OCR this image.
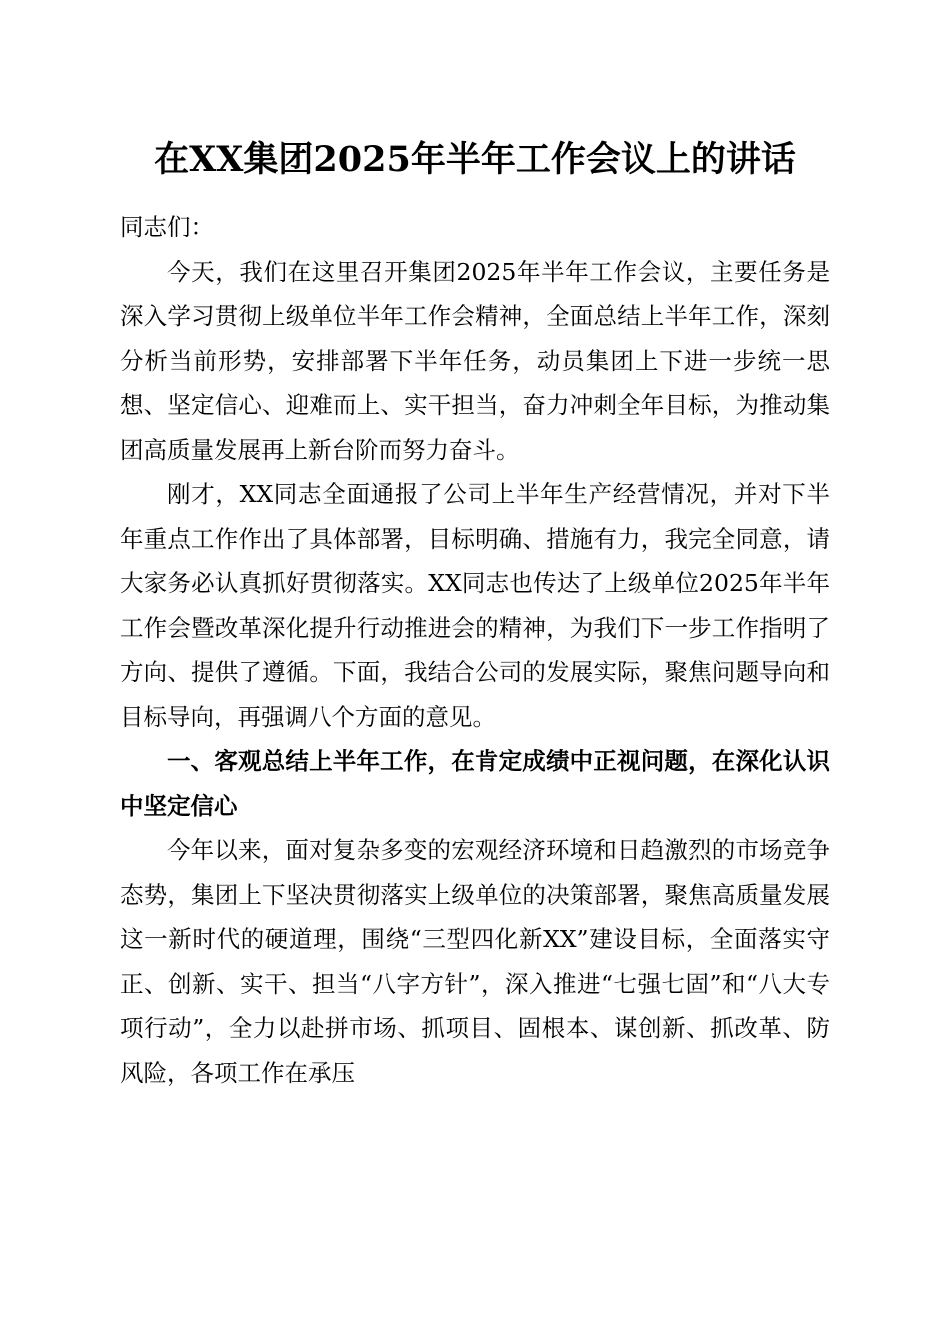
在XX集团2025年半年工作会议上的讲话

同志们：

今天，我们在这里召开集团2025年半年工作会议，主要任务是深入学习贯彻上级单位半年工作会精神，全面总结上半年工作，深刻分析当前形势，安排部署下半年任务，动员集团上下进一步统一思想、坚定信心、迎难而上、实干担当，奋力冲刺全年目标，为推动集团高质量发展再上新台阶而努力奋斗。

刚才，XX同志全面通报了公司上半年生产经营情况，并对下半年重点工作作出了具体部署，目标明确、措施有力，我完全同意，请大家务必认真抓好贯彻落实。XX同志也传达了上级单位2025年半年工作会暨改革深化提升行动推进会的精神，为我们下一步工作指明了方向、提供了遵循。下面，我结合公司的发展实际，聚焦问题导向和目标导向，再强调八个方面的意见。

一、客观总结上半年工作，在肯定成绩中正视问题，在深化认识中坚定信心

今年以来，面对复杂多变的宏观经济环境和日趋激烈的市场竞争态势，集团上下坚决贯彻落实上级单位的决策部署，聚焦高质量发展这一新时代的硬道理，围绕“三型四化新XX”建设目标，全面落实守正、创新、实干、担当“八字方针”，深入推进“七强七固”和“八大专项行动”，全力以赴拼市场、抓项目、固根本、谋创新、抓改革、防风险，各项工作在承压
